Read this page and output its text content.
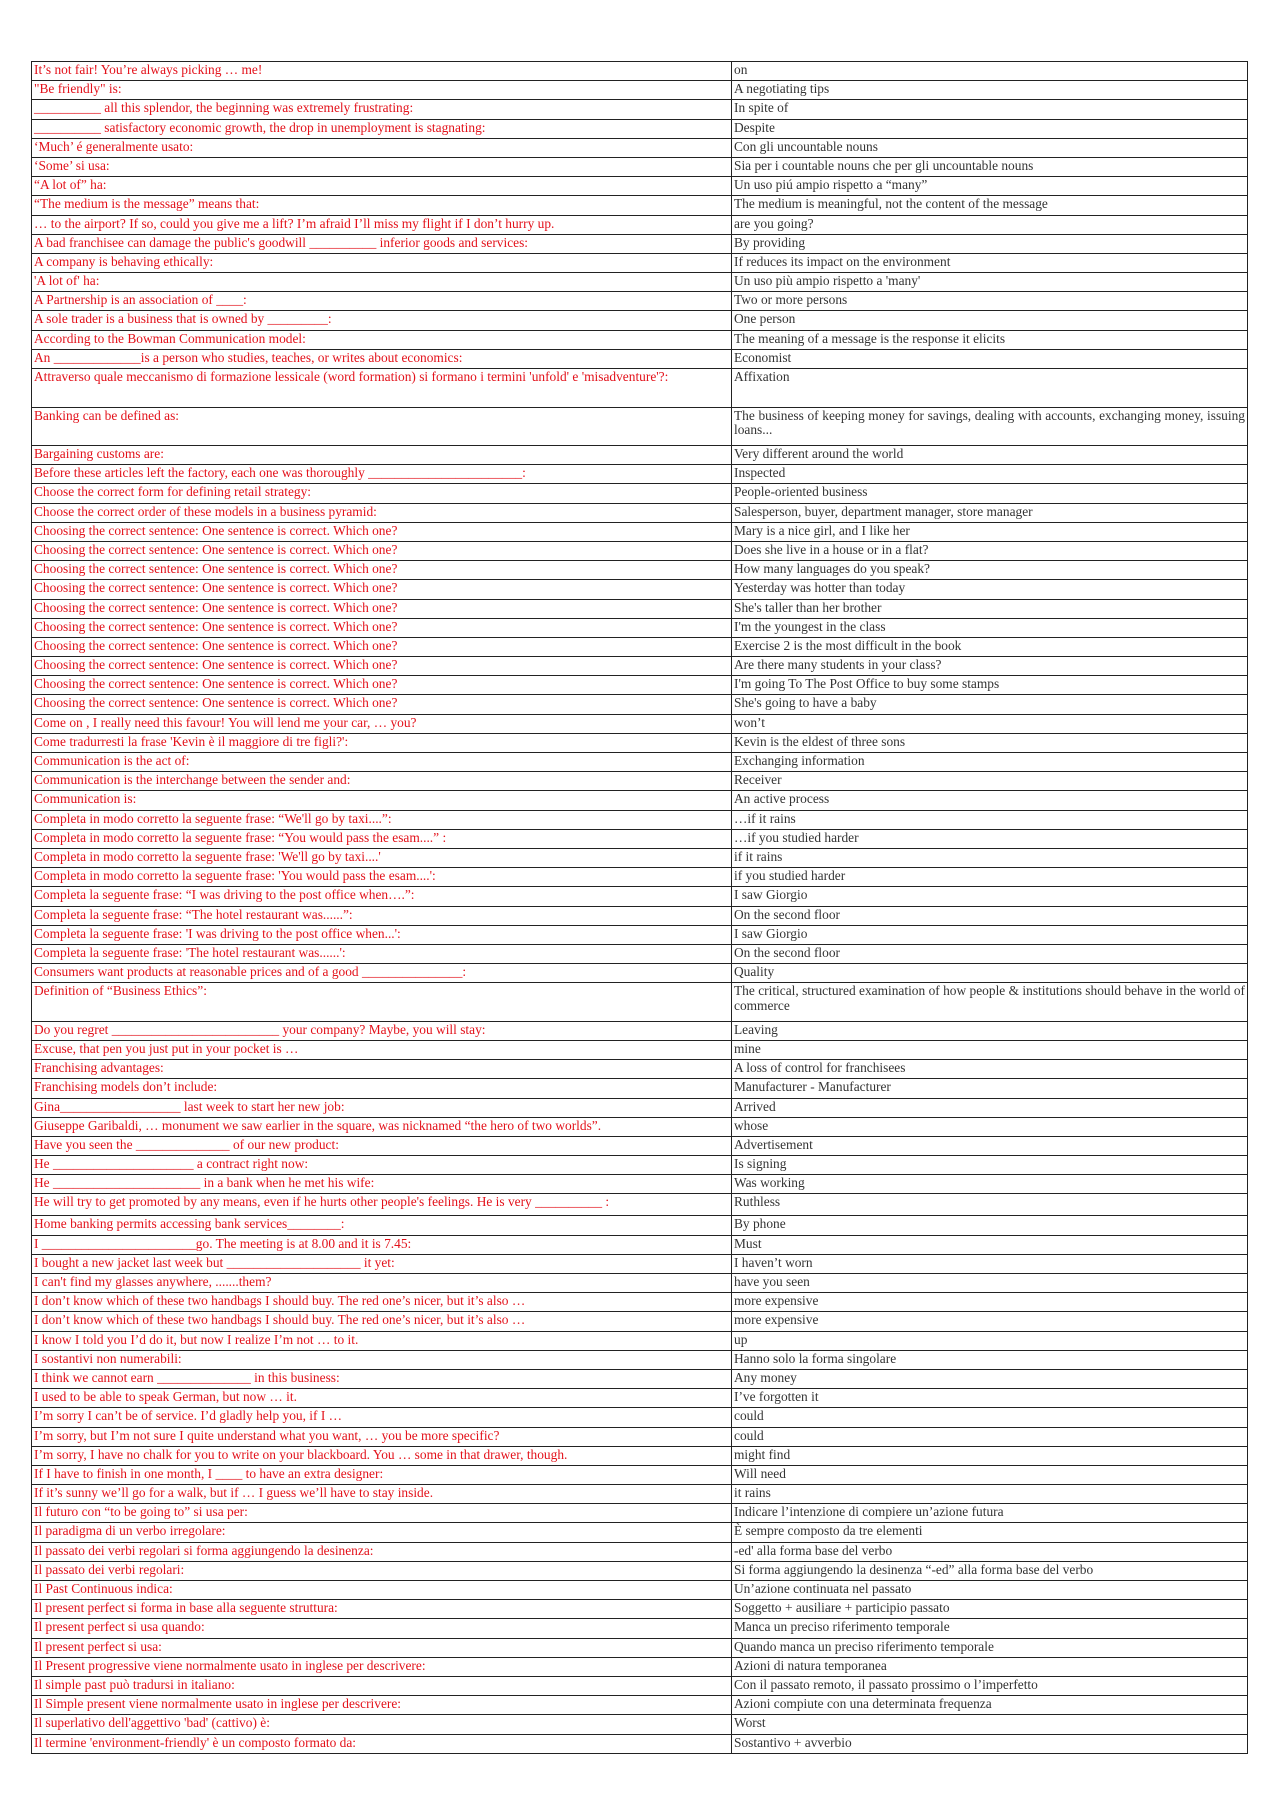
It’s not fair! You’re always picking … me!	on
"Be friendly" is:	A negotiating tips
__________ all this splendor, the beginning was extremely frustrating:	In spite of
__________ satisfactory economic growth, the drop in unemployment is stagnating:	Despite
‘Much’ é generalmente usato:	Con gli uncountable nouns
‘Some’ si usa:	Sia per i countable nouns che per gli uncountable nouns
“A lot of” ha:	Un uso piú ampio rispetto a “many”
“The medium is the message” means that:	The medium is meaningful, not the content of the message
… to the airport? If so, could you give me a lift? I’m afraid I’ll miss my flight if I don’t hurry up.	are you going?
A bad franchisee can damage the public's goodwill __________ inferior goods and services:	By providing
A company is behaving ethically:	If reduces its impact on the environment
'A lot of' ha:	Un uso più ampio rispetto a 'many'
A Partnership is an association of ____:	Two or more persons
A sole trader is a business that is owned by _________:	One person
According to the Bowman Communication model:	The meaning of a message is the response it elicits
An _____________is a person who studies, teaches, or writes about economics:	Economist
Attraverso quale meccanismo di formazione lessicale (word formation) si formano i termini 'unfold' e 'misadventure'?:	Affixation
Banking can be defined as:	The business of keeping money for savings, dealing with accounts, exchanging money, issuing loans...
Bargaining customs are:	Very different around the world
Before these articles left the factory, each one was thoroughly _______________________:	Inspected
Choose the correct form for defining retail strategy:	People-oriented business
Choose the correct order of these models in a business pyramid:	Salesperson, buyer, department manager, store manager
Choosing the correct sentence: One sentence is correct. Which one?	Mary is a nice girl, and I like her
Choosing the correct sentence: One sentence is correct. Which one?	Does she live in a house or in a flat?
Choosing the correct sentence: One sentence is correct. Which one?	How many languages do you speak?
Choosing the correct sentence: One sentence is correct. Which one?	Yesterday was hotter than today
Choosing the correct sentence: One sentence is correct. Which one?	She's taller than her brother
Choosing the correct sentence: One sentence is correct. Which one?	I'm the youngest in the class
Choosing the correct sentence: One sentence is correct. Which one?	Exercise 2 is the most difficult in the book
Choosing the correct sentence: One sentence is correct. Which one?	Are there many students in your class?
Choosing the correct sentence: One sentence is correct. Which one?	I'm going To The Post Office to buy some stamps
Choosing the correct sentence: One sentence is correct. Which one?	She's going to have a baby
Come on , I really need this favour! You will lend me your car, … you?	won’t
Come tradurresti la frase 'Kevin è il maggiore di tre figli?':	Kevin is the eldest of three sons
Communication is the act of:	Exchanging information
Communication is the interchange between the sender and:	Receiver
Communication is:	An active process
Completa in modo corretto la seguente frase: “We'll go by taxi....”:	…if it rains
Completa in modo corretto la seguente frase: “You would pass the esam....” :	…if you studied harder
Completa in modo corretto la seguente frase: 'We'll go by taxi....'	if it rains
Completa in modo corretto la seguente frase: 'You would pass the esam....':	if you studied harder
Completa la seguente frase: “I was driving to the post office when….”:	I saw Giorgio
Completa la seguente frase: “The hotel restaurant was......”:	On the second floor
Completa la seguente frase: 'I was driving to the post office when...':	I saw Giorgio
Completa la seguente frase: 'The hotel restaurant was......':	On the second floor
Consumers want products at reasonable prices and of a good _______________:	Quality
Definition of “Business Ethics”:	The critical, structured examination of how people & institutions should behave in the world of commerce
Do you regret _________________________ your company? Maybe, you will stay:	Leaving
Excuse, that pen you just put in your pocket is …	mine
Franchising advantages:	A loss of control for franchisees
Franchising models don’t include:	Manufacturer - Manufacturer
Gina__________________ last week to start her new job:	Arrived
Giuseppe Garibaldi, … monument we saw earlier in the square, was nicknamed “the hero of two worlds”.	whose
Have you seen the ______________ of our new product:	Advertisement
He _____________________ a contract right now:	Is signing
He ______________________ in a bank when he met his wife:	Was working
He will try to get promoted by any means, even if he hurts other people's feelings. He is very __________ :	Ruthless
Home banking permits accessing bank services________:	By phone
I _______________________go. The meeting is at 8.00 and it is 7.45:	Must
I bought a new jacket last week but ____________________ it yet:	I haven’t worn
I can't find my glasses anywhere, .......them?	have you seen
I don’t know which of these two handbags I should buy. The red one’s nicer, but it’s also …	more expensive
I don’t know which of these two handbags I should buy. The red one’s nicer, but it’s also …	more expensive
I know I told you I’d do it, but now I realize I’m not … to it.	up
I sostantivi non numerabili:	Hanno solo la forma singolare
I think we cannot earn ______________ in this business:	Any money
I used to be able to speak German, but now … it.	I’ve forgotten it
I’m sorry I can’t be of service. I’d gladly help you, if I …	could
I’m sorry, but I’m not sure I quite understand what you want, … you be more specific?	could
I’m sorry, I have no chalk for you to write on your blackboard. You … some in that drawer, though.	might find
If I have to finish in one month, I ____ to have an extra designer:	Will need
If it’s sunny we’ll go for a walk, but if … I guess we’ll have to stay inside.	it rains
Il futuro con “to be going to” si usa per:	Indicare l’intenzione di compiere un’azione futura
Il paradigma di un verbo irregolare:	È sempre composto da tre elementi
Il passato dei verbi regolari si forma aggiungendo la desinenza:	-ed' alla forma base del verbo
Il passato dei verbi regolari:	Si forma aggiungendo la desinenza “-ed” alla forma base del verbo
Il Past Continuous indica:	Un’azione continuata nel passato
Il present perfect si forma in base alla seguente struttura:	Soggetto + ausiliare + participio passato
Il present perfect si usa quando:	Manca un preciso riferimento temporale
Il present perfect si usa:	Quando manca un preciso riferimento temporale
Il Present progressive viene normalmente usato in inglese per descrivere:	Azioni di natura temporanea
Il simple past può tradursi in italiano:	Con il passato remoto, il passato prossimo o l’imperfetto
Il Simple present viene normalmente usato in inglese per descrivere:	Azioni compiute con una determinata frequenza
Il superlativo dell'aggettivo 'bad' (cattivo) è:	Worst
Il termine 'environment-friendly' è un composto formato da:	Sostantivo + avverbio
